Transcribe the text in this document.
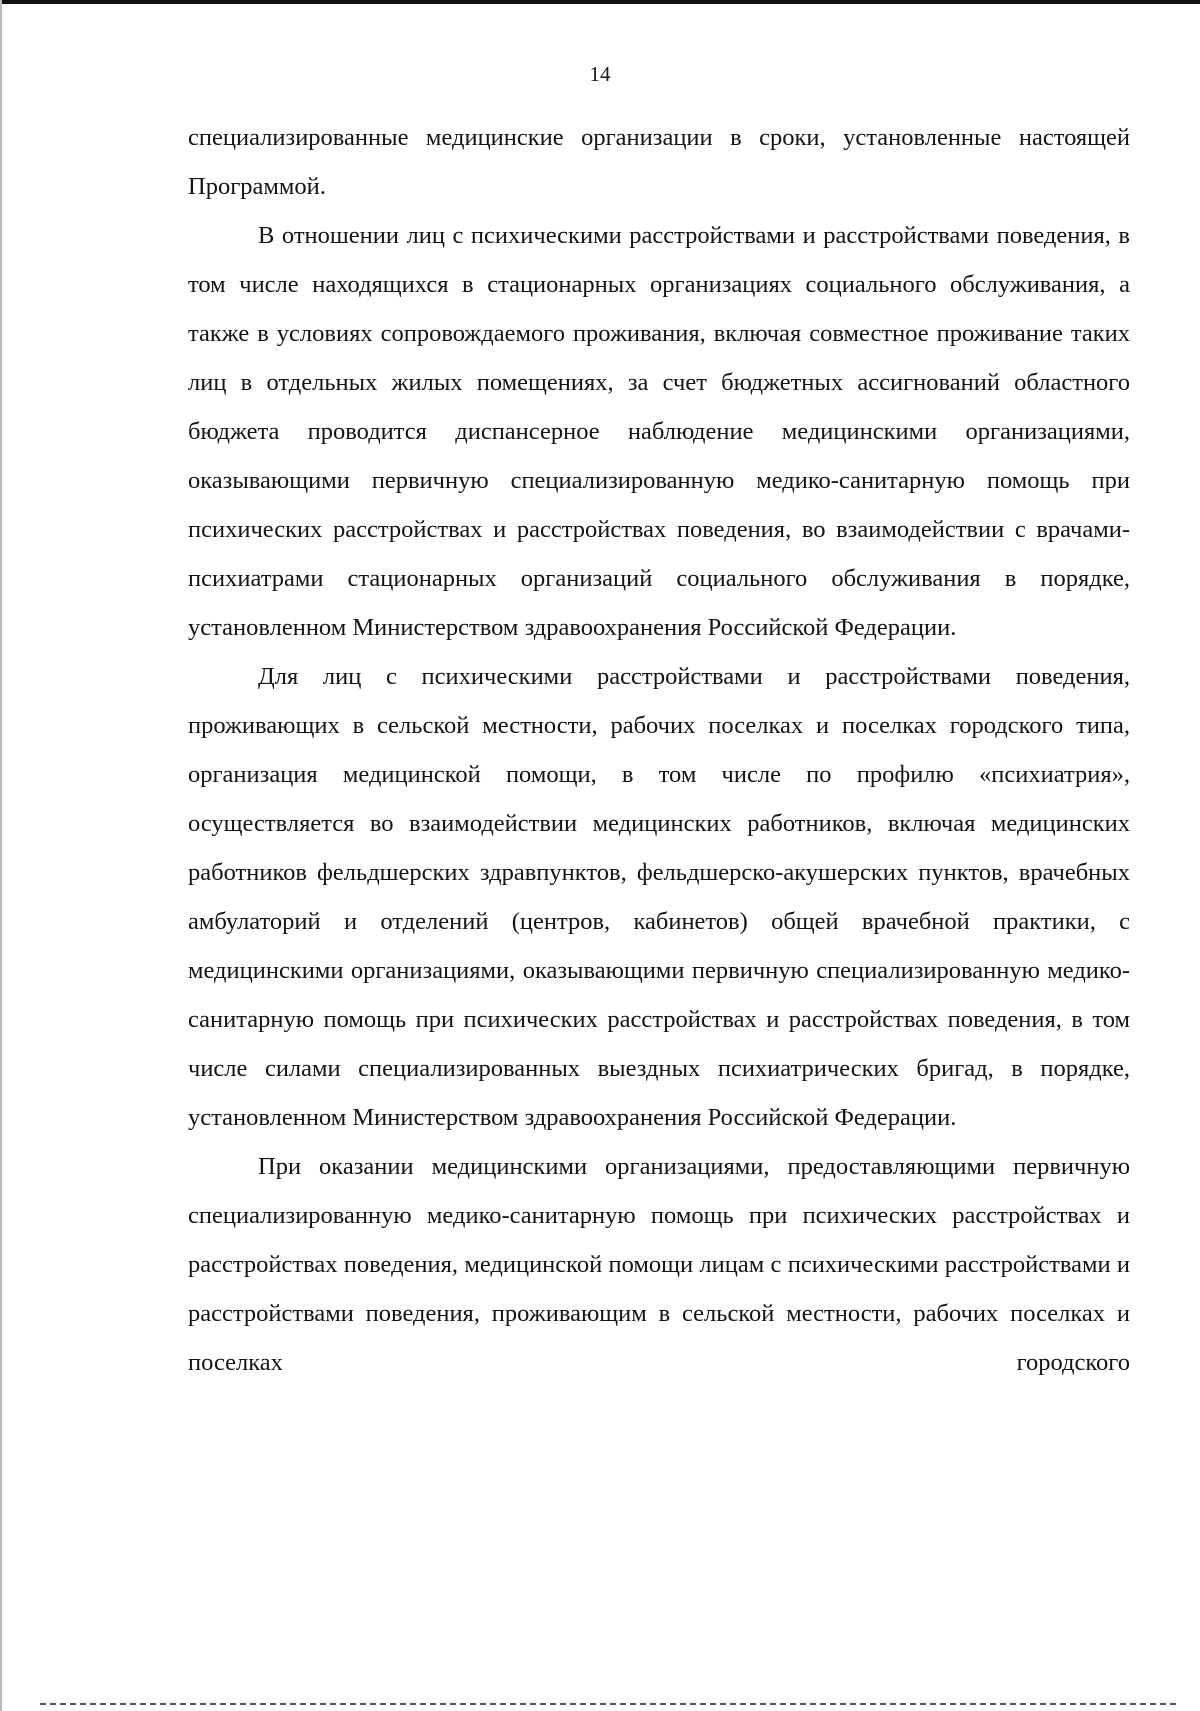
14

специализированные медицинские организации в сроки, установленные настоящей Программой.

В отношении лиц с психическими расстройствами и расстройствами поведения, в том числе находящихся в стационарных организациях социального обслуживания, а также в условиях сопровождаемого проживания, включая совместное проживание таких лиц в отдельных жилых помещениях, за счет бюджетных ассигнований областного бюджета проводится диспансерное наблюдение медицинскими организациями, оказывающими первичную специализированную медико-санитарную помощь при психических расстройствах и расстройствах поведения, во взаимодействии с врачами-психиатрами стационарных организаций социального обслуживания в порядке, установленном Министерством здравоохранения Российской Федерации.

Для лиц с психическими расстройствами и расстройствами поведения, проживающих в сельской местности, рабочих поселках и поселках городского типа, организация медицинской помощи, в том числе по профилю «психиатрия», осуществляется во взаимодействии медицинских работников, включая медицинских работников фельдшерских здравпунктов, фельдшерско-акушерских пунктов, врачебных амбулаторий и отделений (центров, кабинетов) общей врачебной практики, с медицинскими организациями, оказывающими первичную специализированную медико-санитарную помощь при психических расстройствах и расстройствах поведения, в том числе силами специализированных выездных психиатрических бригад, в порядке, установленном Министерством здравоохранения Российской Федерации.

При оказании медицинскими организациями, предоставляющими первичную специализированную медико-санитарную помощь при психических расстройствах и расстройствах поведения, медицинской помощи лицам с психическими расстройствами и расстройствами поведения, проживающим в сельской местности, рабочих поселках и поселках городского
